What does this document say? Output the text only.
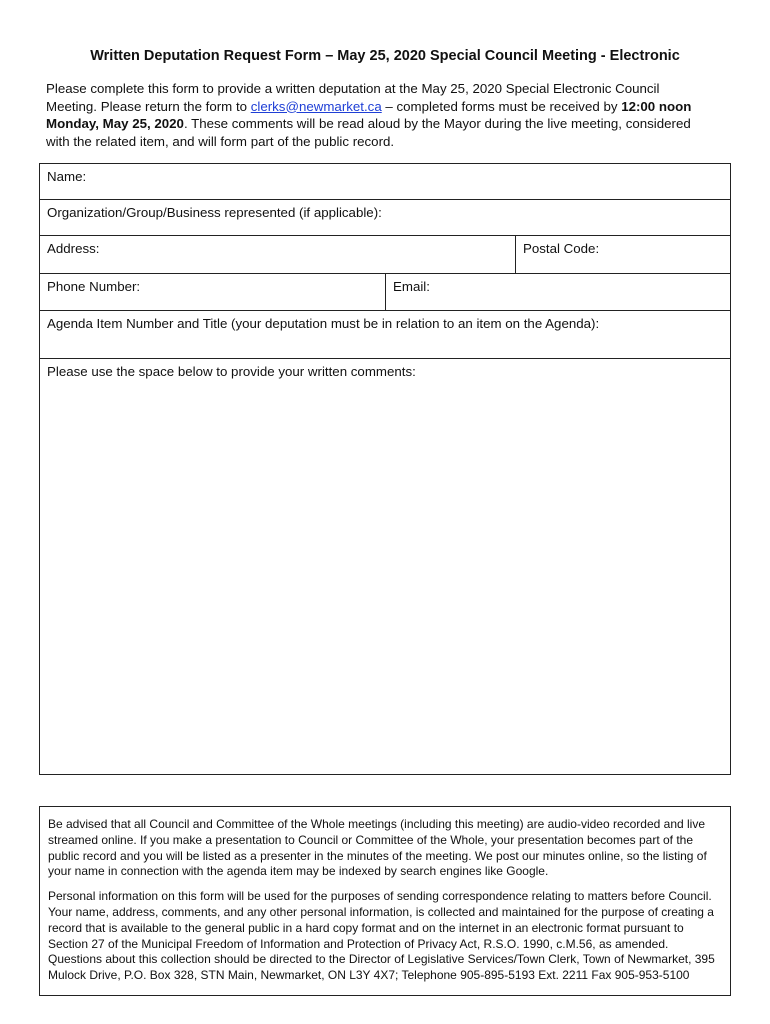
Written Deputation Request Form – May 25, 2020 Special Council Meeting - Electronic
Please complete this form to provide a written deputation at the May 25, 2020 Special Electronic Council Meeting. Please return the form to clerks@newmarket.ca – completed forms must be received by 12:00 noon Monday, May 25, 2020. These comments will be read aloud by the Mayor during the live meeting, considered with the related item, and will form part of the public record.
Name:
Organization/Group/Business represented (if applicable):
Address:	Postal Code:
Phone Number:	Email:
Agenda Item Number and Title (your deputation must be in relation to an item on the Agenda):
Please use the space below to provide your written comments:

Be advised that all Council and Committee of the Whole meetings (including this meeting) are audio-video recorded and live streamed online. If you make a presentation to Council or Committee of the Whole, your presentation becomes part of the public record and you will be listed as a presenter in the minutes of the meeting. We post our minutes online, so the listing of your name in connection with the agenda item may be indexed by search engines like Google.

Personal information on this form will be used for the purposes of sending correspondence relating to matters before Council. Your name, address, comments, and any other personal information, is collected and maintained for the purpose of creating a record that is available to the general public in a hard copy format and on the internet in an electronic format pursuant to Section 27 of the Municipal Freedom of Information and Protection of Privacy Act, R.S.O. 1990, c.M.56, as amended. Questions about this collection should be directed to the Director of Legislative Services/Town Clerk, Town of Newmarket, 395 Mulock Drive, P.O. Box 328, STN Main, Newmarket, ON L3Y 4X7; Telephone 905-895-5193 Ext. 2211 Fax 905-953-5100
